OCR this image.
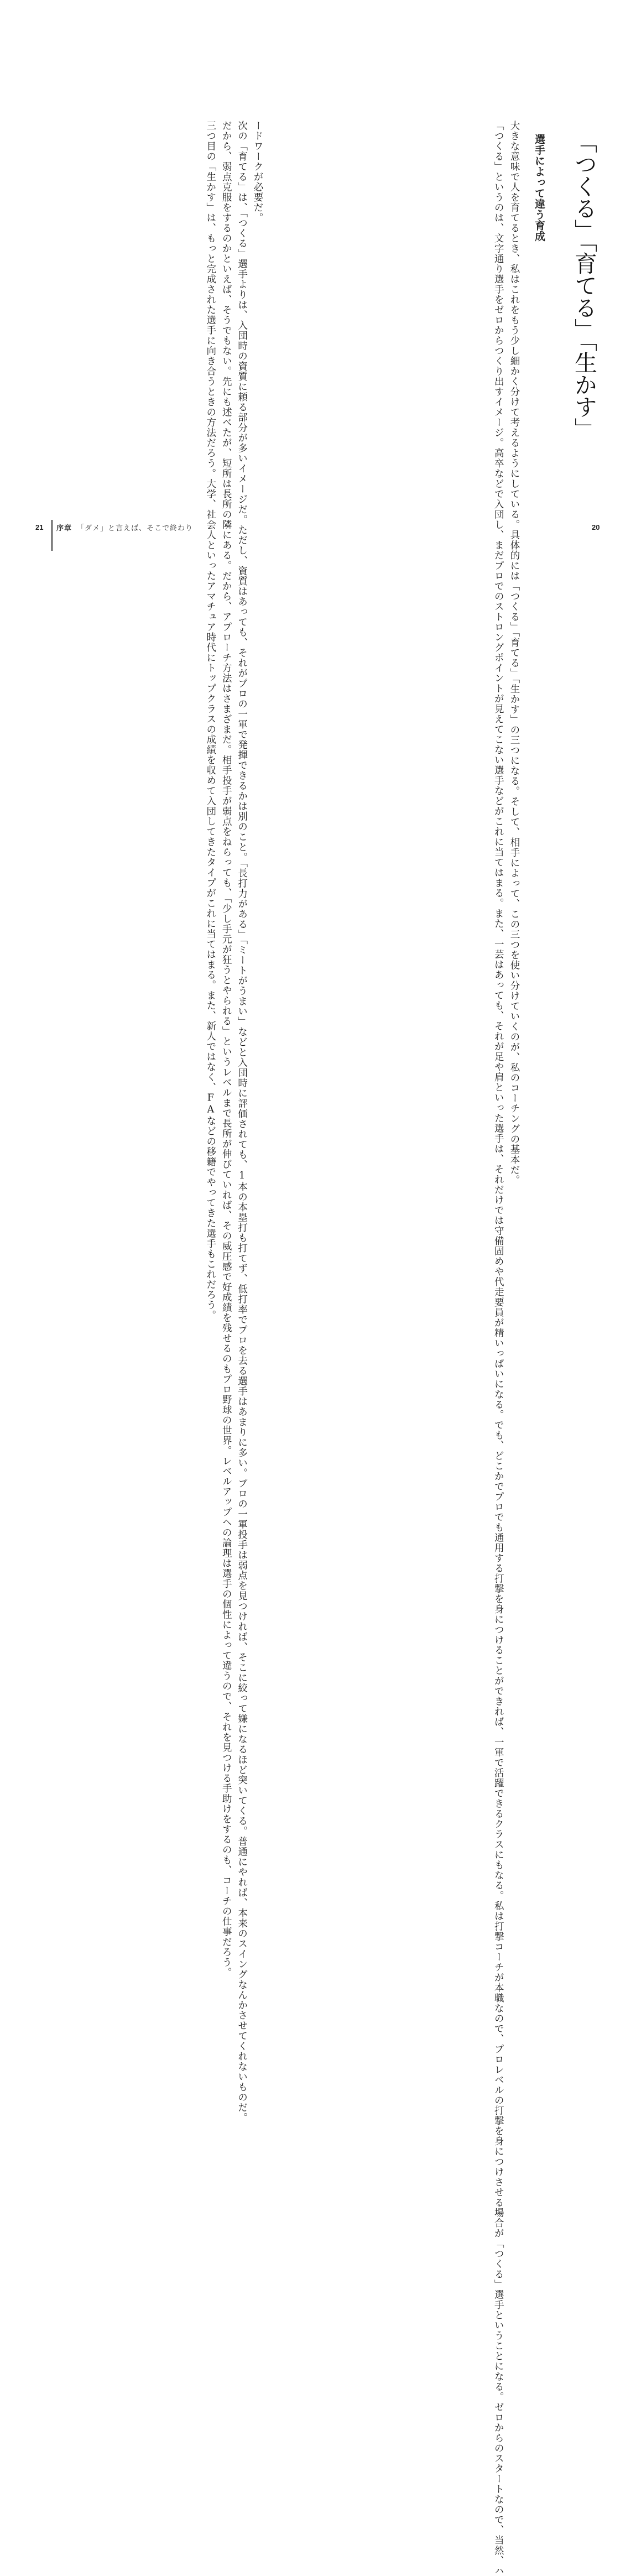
「つくる」「育てる」「生かす」
選手によって違う育成

大きな意味で人を育てるとき、私はこれをもう少し細かく分けて考えるようにしている。具体的には「つくる」「育てる」「生かす」の三つになる。そして、相手によって、この三つを使い分けていくのが、私のコーチングの基本だ。

「つくる」というのは、文字通り選手をゼロからつくり出すイメージ。高卒などで入団し、まだプロでのストロングポイントが見えてこない選手などがこれに当てはまる。また、一芸はあっても、それが足や肩といった選手は、それだけでは守備固めや代走要員が精いっぱいになる。でも、どこかでプロでも通用する打撃を身につけることができれば、一軍で活躍できるクラスにもなる。私は打撃コーチが本職なので、プロレベルの打撃を身につけさせる場合が「つくる」選手ということになる。ゼロからのスタートなので、当然、ハ

ードワークが必要だ。

次の「育てる」は、「つくる」選手よりは、入団時の資質に頼る部分が多いイメージだ。ただし、資質はあっても、それがプロの一軍で発揮できるかは別のこと。「長打力がある」「ミートがうまい」などと入団時に評価されても、1本の本塁打も打てず、低打率でプロを去る選手はあまりに多い。プロの一軍投手は弱点を見つければ、そこに絞って嫌になるほど突いてくる。普通にやれば、本来のスイングなんかさせてくれないものだ。

だから、弱点克服をするのかといえば、そうでもない。先にも述べたが、短所は長所の隣にある。だから、アプローチ方法はさまざまだ。相手投手が弱点をねらっても、「少し手元が狂うとやられる」というレベルまで長所が伸びていれば、その威圧感で好成績を残せるのもプロ野球の世界。レベルアップへの論理は選手の個性によって違うので、それを見つける手助けをするのも、コーチの仕事だろう。

三つ目の「生かす」は、もっと完成された選手に向き合うときの方法だろう。大学、社会人といったアマチュア時代にトップクラスの成績を収めて入団してきたタイプがこれに当てはまる。また、新人ではなく、FAなどの移籍でやってきた選手もこれだろう。

21 序章 「ダメ」と言えば、そこで終わり	20
